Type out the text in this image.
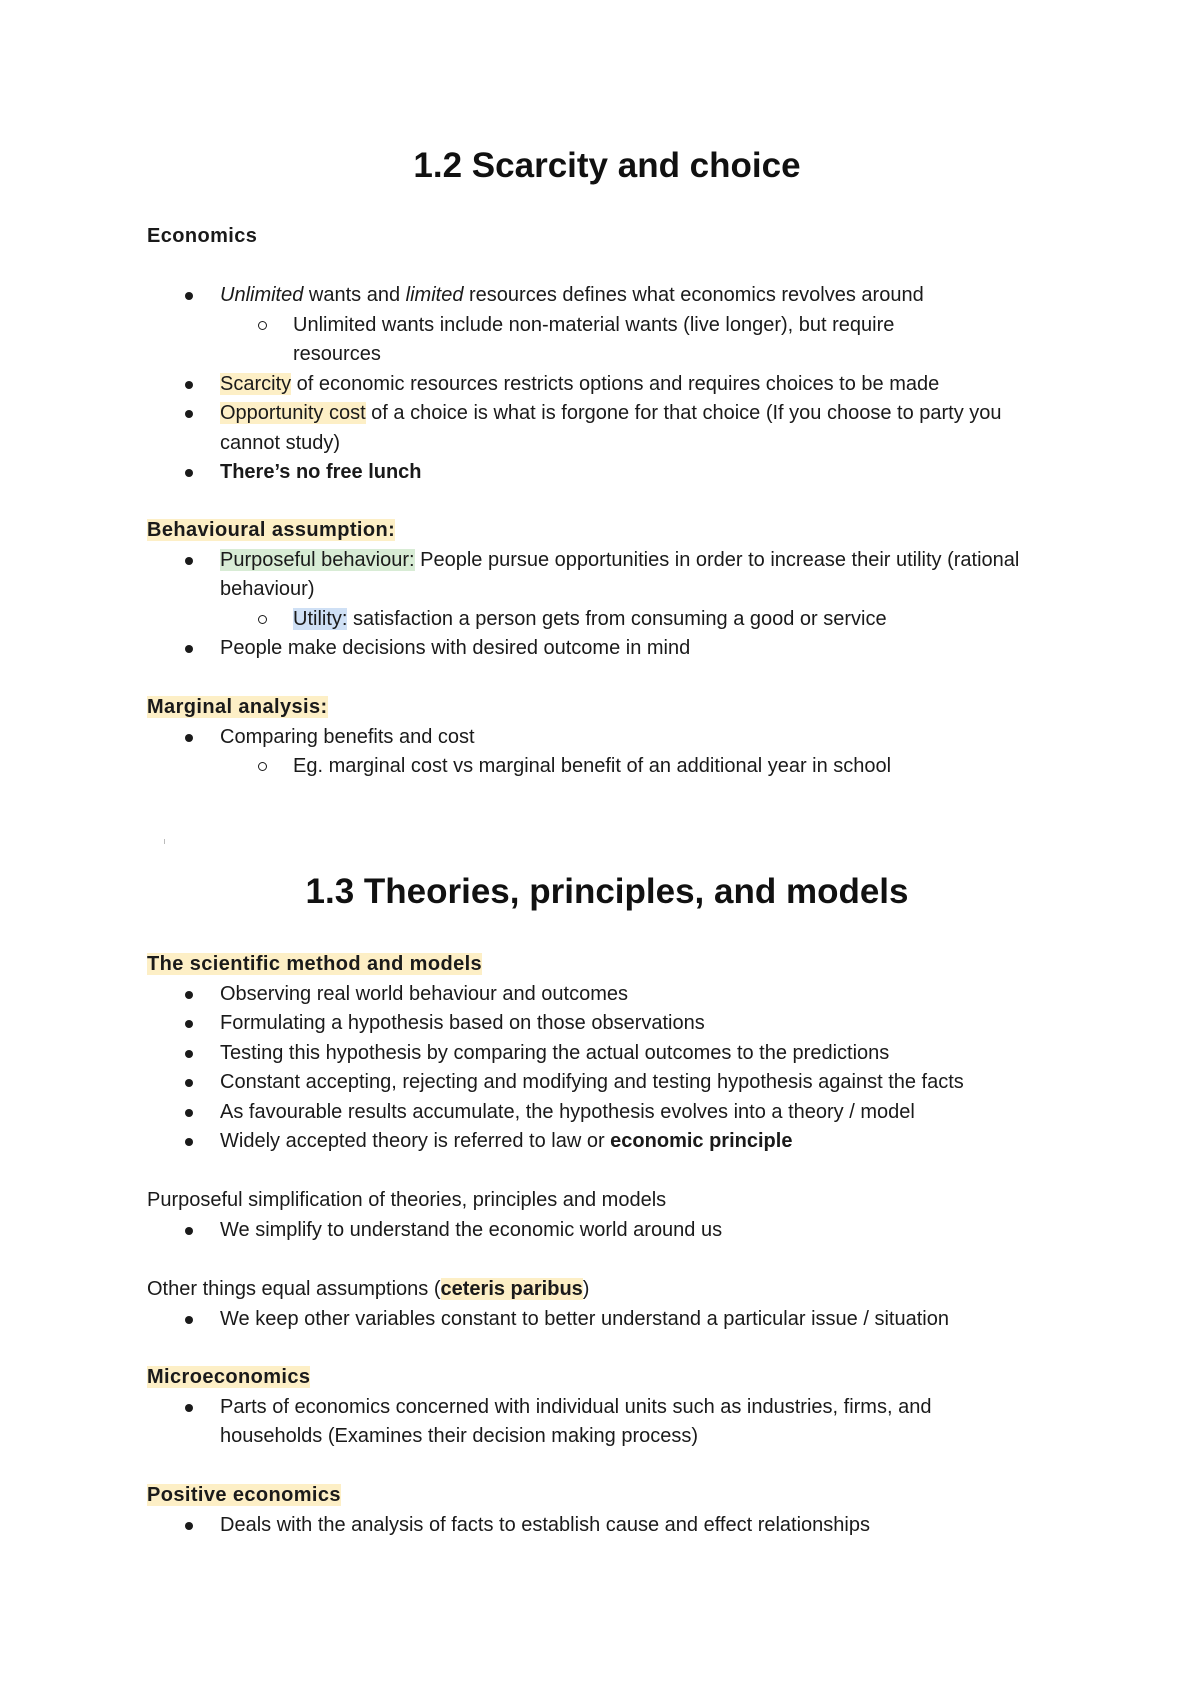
1.2 Scarcity and choice

Economics

Unlimited wants and limited resources defines what economics revolves around
Unlimited wants include non-material wants (live longer), but require resources
Scarcity of economic resources restricts options and requires choices to be made
Opportunity cost of a choice is what is forgone for that choice (If you choose to party you cannot study)
There’s no free lunch

Behavioural assumption:

Purposeful behaviour: People pursue opportunities in order to increase their utility (rational behaviour)
Utility: satisfaction a person gets from consuming a good or service
People make decisions with desired outcome in mind

Marginal analysis:

Comparing benefits and cost
Eg. marginal cost vs marginal benefit of an additional year in school
1.3 Theories, principles, and models

The scientific method and models

Observing real world behaviour and outcomes
Formulating a hypothesis based on those observations
Testing this hypothesis by comparing the actual outcomes to the predictions
Constant accepting, rejecting and modifying and testing hypothesis against the facts
As favourable results accumulate, the hypothesis evolves into a theory / model
Widely accepted theory is referred to law or economic principle

Purposeful simplification of theories, principles and models

We simplify to understand the economic world around us

Other things equal assumptions (ceteris paribus)

We keep other variables constant to better understand a particular issue / situation

Microeconomics

Parts of economics concerned with individual units such as industries, firms, and households (Examines their decision making process)

Positive economics

Deals with the analysis of facts to establish cause and effect relationships
